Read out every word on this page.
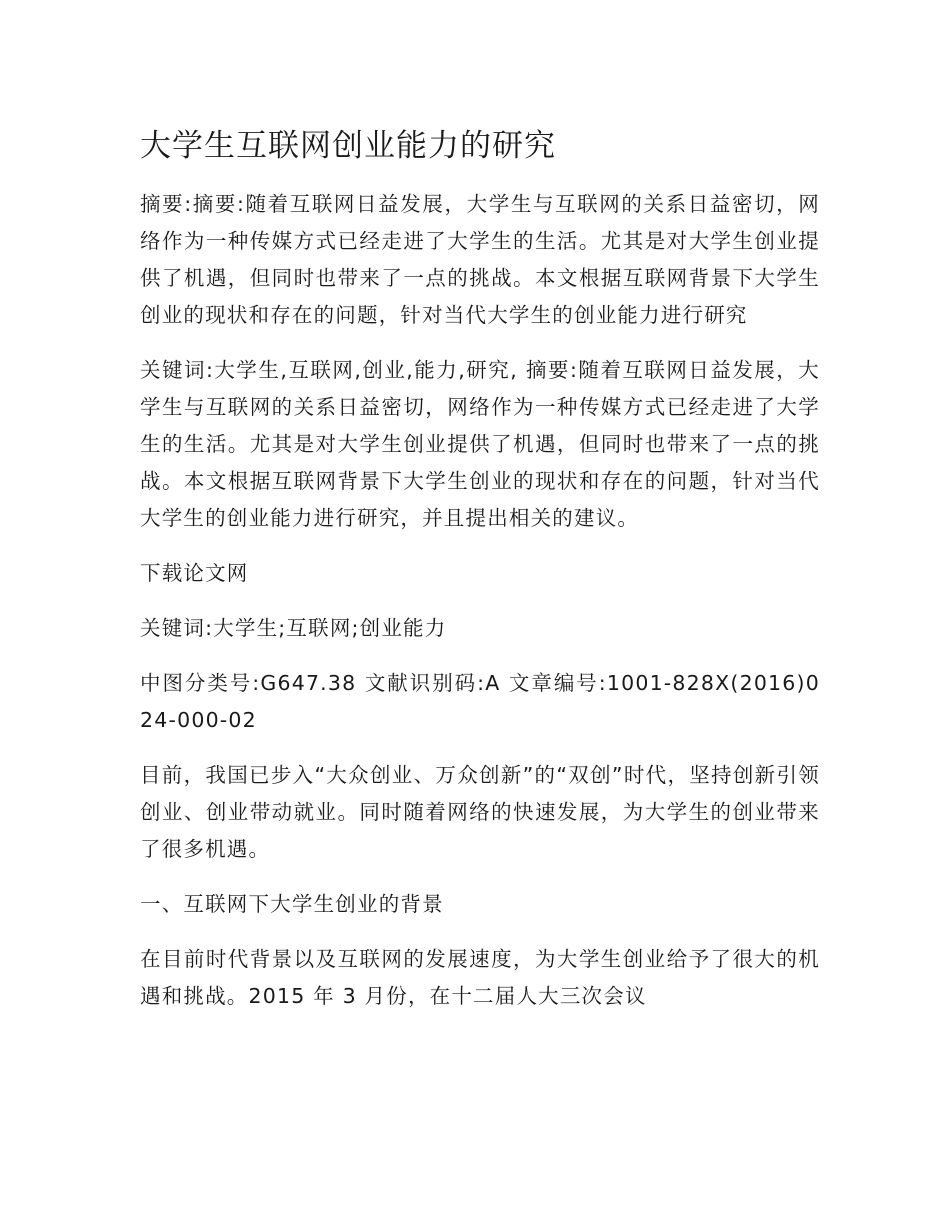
大学生互联网创业能力的研究

摘要:摘要:随着互联网日益发展，大学生与互联网的关系日益密切，网络作为一种传媒方式已经走进了大学生的生活。尤其是对大学生创业提供了机遇，但同时也带来了一点的挑战。本文根据互联网背景下大学生创业的现状和存在的问题，针对当代大学生的创业能力进行研究

关键词:大学生,互联网,创业,能力,研究, 摘要:随着互联网日益发展，大学生与互联网的关系日益密切，网络作为一种传媒方式已经走进了大学生的生活。尤其是对大学生创业提供了机遇，但同时也带来了一点的挑战。本文根据互联网背景下大学生创业的现状和存在的问题，针对当代大学生的创业能力进行研究，并且提出相关的建议。

下载论文网

关键词:大学生;互联网;创业能力

中图分类号:G647.38 文献识别码:A 文章编号:1001-828X(2016)024-000-02

目前，我国已步入“大众创业、万众创新”的“双创”时代，坚持创新引领创业、创业带动就业。同时随着网络的快速发展，为大学生的创业带来了很多机遇。

一、互联网下大学生创业的背景

在目前时代背景以及互联网的发展速度，为大学生创业给予了很大的机遇和挑战。2015 年 3 月份，在十二届人大三次会议
